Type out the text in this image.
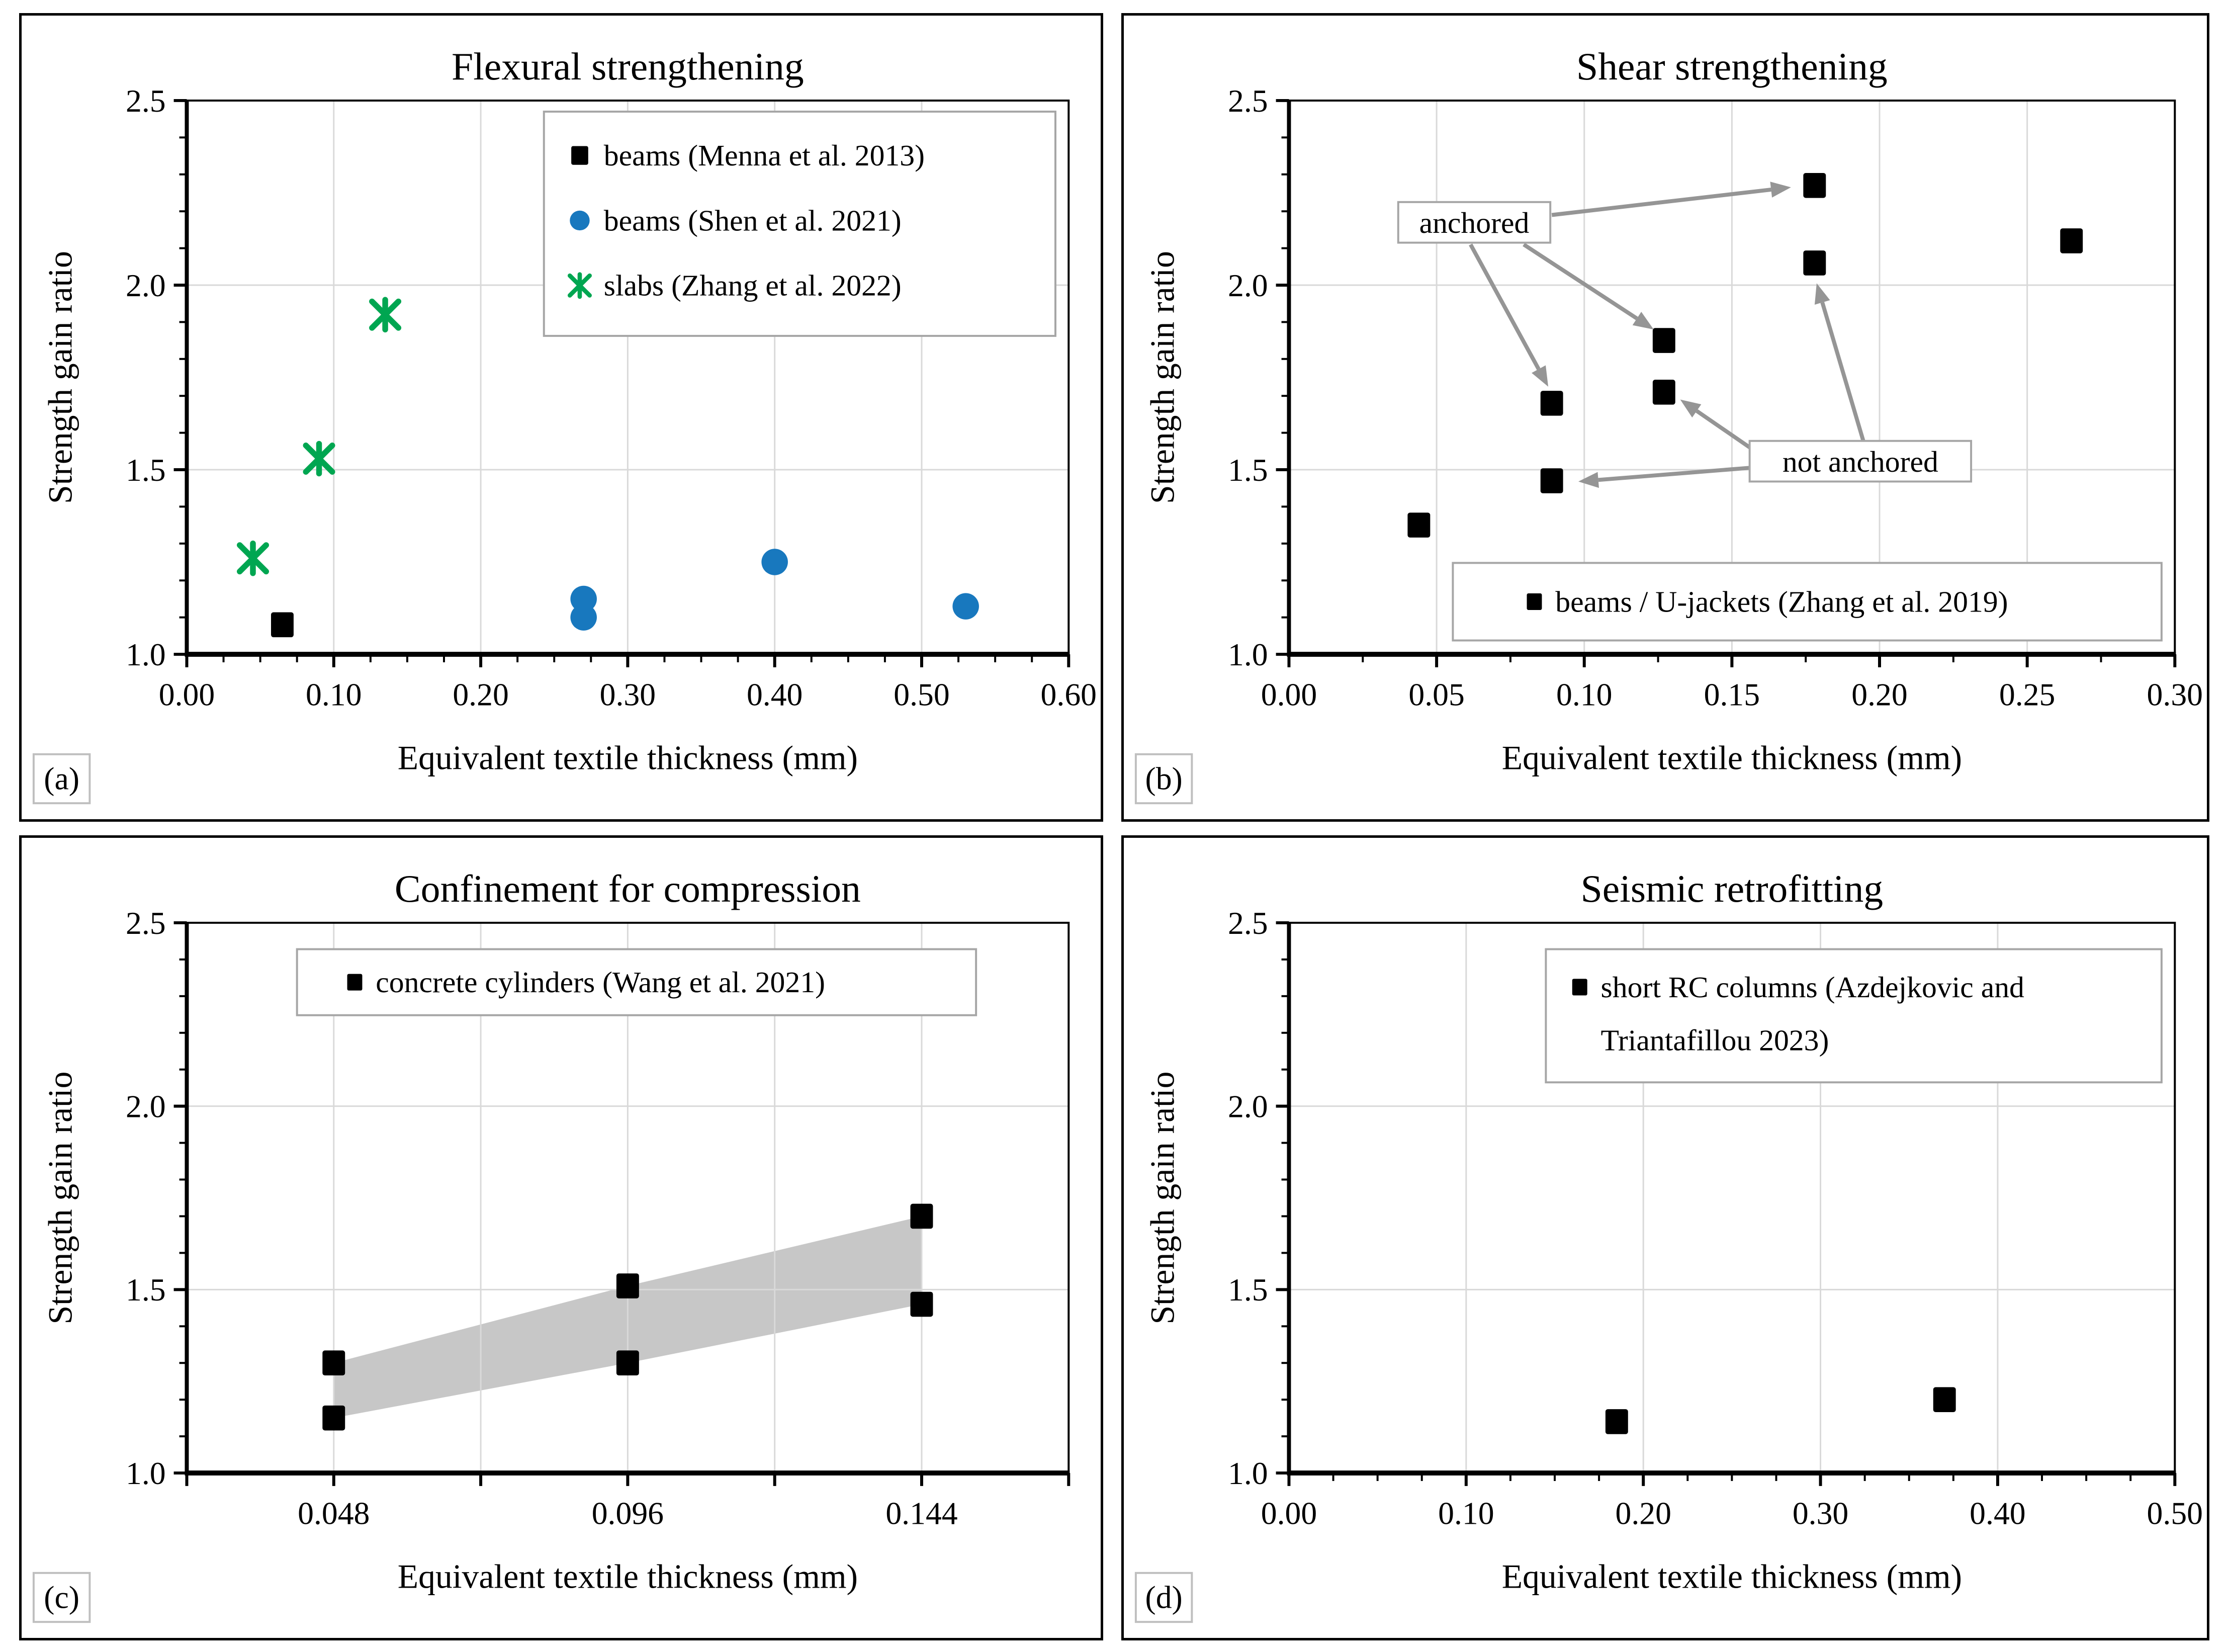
0.00	0.10	0.20	0.30	0.40	0.50	0.60
1.0
1.5
2.0
2.5
Equivalent textile thickness (mm)
Strength gain ratio
Flexural strengthening
beams (Menna et al. 2013)
beams (Shen et al. 2021)
slabs (Zhang et al. 2022)
(a)
0.00	0.05	0.10	0.15	0.20	0.25	0.30
1.0
1.5
2.0
2.5
Equivalent textile thickness (mm)
Strength gain ratio
Shear strengthening
anchored
not anchored
beams / U-jackets (Zhang et al. 2019)
(b)
0.048	0.096	0.144
1.0
1.5
2.0
2.5
Equivalent textile thickness (mm)
Strength gain ratio
Confinement for compression
concrete cylinders (Wang et al. 2021)
(c)
0.00	0.10	0.20	0.30	0.40	0.50
1.0
1.5
2.0
2.5
Equivalent textile thickness (mm)
Strength gain ratio
Seismic retrofitting
short RC columns (Azdejkovic and
Triantafillou 2023)
(d)
